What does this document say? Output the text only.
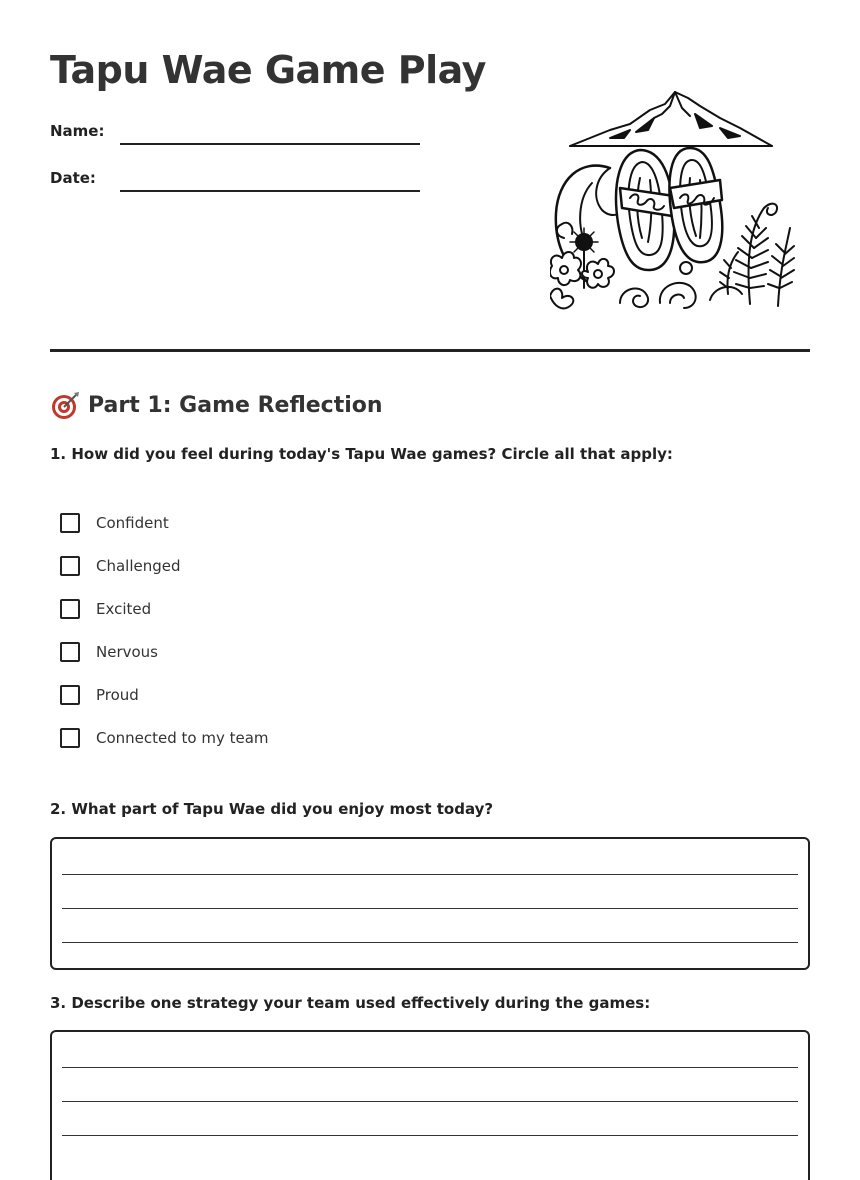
Tapu Wae Game Play
Name:
Date:
Part 1: Game Reflection
1. How did you feel during today's Tapu Wae games? Circle all that apply:
Confident
Challenged
Excited
Nervous
Proud
Connected to my team
2. What part of Tapu Wae did you enjoy most today?
3. Describe one strategy your team used effectively during the games:
